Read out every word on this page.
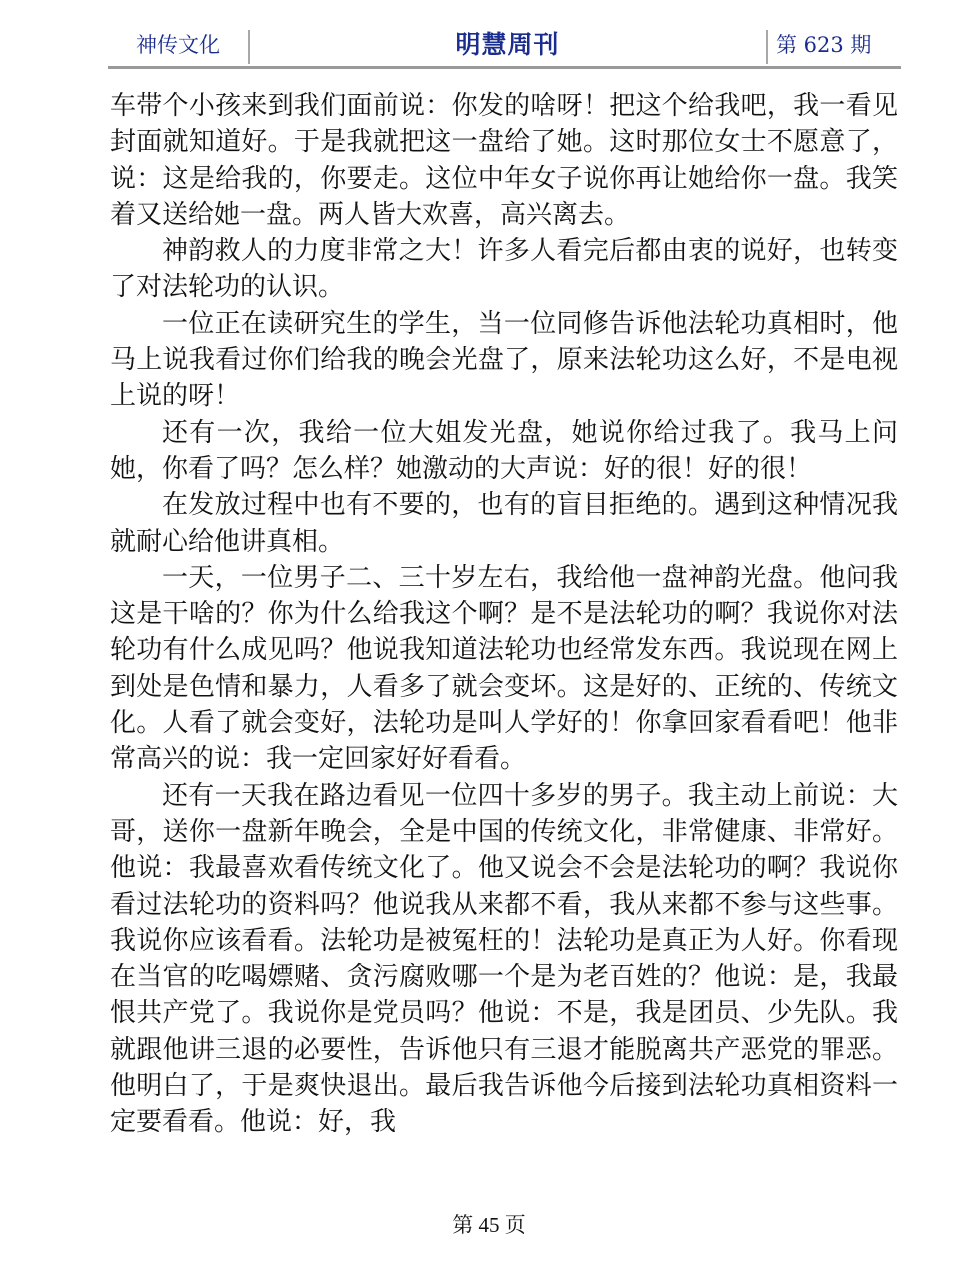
神传文化	明慧周刊	第 623 期

车带个小孩来到我们面前说：你发的啥呀！把这个给我吧，我一看见封面就知道好。于是我就把这一盘给了她。这时那位女士不愿意了，说：这是给我的，你要走。这位中年女子说你再让她给你一盘。我笑着又送给她一盘。两人皆大欢喜，高兴离去。

神韵救人的力度非常之大！许多人看完后都由衷的说好，也转变了对法轮功的认识。

一位正在读研究生的学生，当一位同修告诉他法轮功真相时，他马上说我看过你们给我的晚会光盘了，原来法轮功这么好，不是电视上说的呀！

还有一次，我给一位大姐发光盘，她说你给过我了。我马上问她，你看了吗？怎么样？她激动的大声说：好的很！好的很！

在发放过程中也有不要的，也有的盲目拒绝的。遇到这种情况我就耐心给他讲真相。

一天，一位男子二、三十岁左右，我给他一盘神韵光盘。他问我这是干啥的？你为什么给我这个啊？是不是法轮功的啊？我说你对法轮功有什么成见吗？他说我知道法轮功也经常发东西。我说现在网上到处是色情和暴力，人看多了就会变坏。这是好的、正统的、传统文化。人看了就会变好，法轮功是叫人学好的！你拿回家看看吧！他非常高兴的说：我一定回家好好看看。

还有一天我在路边看见一位四十多岁的男子。我主动上前说：大哥，送你一盘新年晚会，全是中国的传统文化，非常健康、非常好。他说：我最喜欢看传统文化了。他又说会不会是法轮功的啊？我说你看过法轮功的资料吗？他说我从来都不看，我从来都不参与这些事。我说你应该看看。法轮功是被冤枉的！法轮功是真正为人好。你看现在当官的吃喝嫖赌、贪污腐败哪一个是为老百姓的？他说：是，我最恨共产党了。我说你是党员吗？他说：不是，我是团员、少先队。我就跟他讲三退的必要性，告诉他只有三退才能脱离共产恶党的罪恶。他明白了，于是爽快退出。最后我告诉他今后接到法轮功真相资料一定要看看。他说：好，我

第 45 页
